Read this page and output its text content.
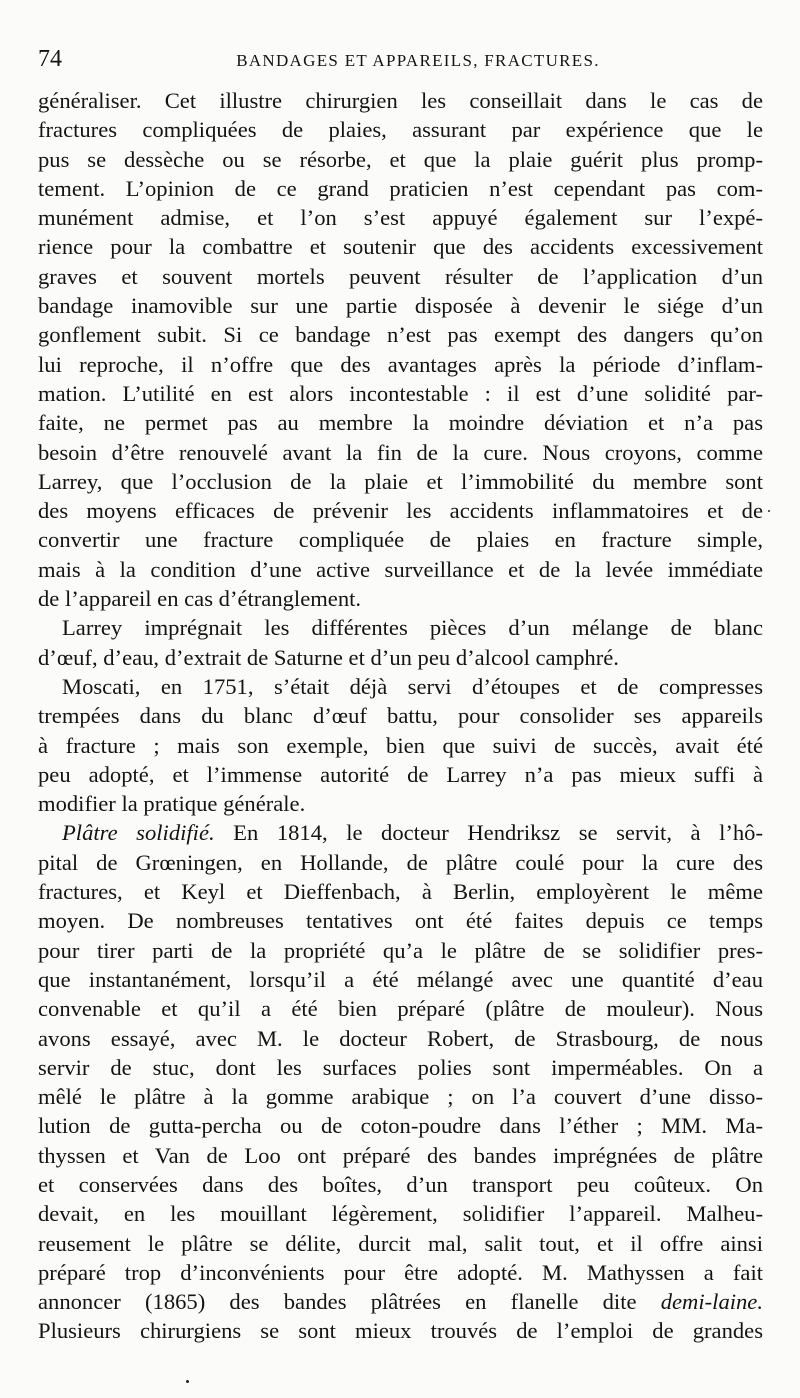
74	BANDAGES ET APPAREILS, FRACTURES.
généraliser. Cet illustre chirurgien les conseillait dans le cas de
fractures compliquées de plaies, assurant par expérience que le
pus se dessèche ou se résorbe, et que la plaie guérit plus promp-
tement. L’opinion de ce grand praticien n’est cependant pas com-
munément admise, et l’on s’est appuyé également sur l’expé-
rience pour la combattre et soutenir que des accidents excessivement
graves et souvent mortels peuvent résulter de l’application d’un
bandage inamovible sur une partie disposée à devenir le siége d’un
gonflement subit. Si ce bandage n’est pas exempt des dangers qu’on
lui reproche, il n’offre que des avantages après la période d’inflam-
mation. L’utilité en est alors incontestable : il est d’une solidité par-
faite, ne permet pas au membre la moindre déviation et n’a pas
besoin d’être renouvelé avant la fin de la cure. Nous croyons, comme
Larrey, que l’occlusion de la plaie et l’immobilité du membre sont
des moyens efficaces de prévenir les accidents inflammatoires et de
convertir une fracture compliquée de plaies en fracture simple,
mais à la condition d’une active surveillance et de la levée immédiate
de l’appareil en cas d’étranglement.
Larrey imprégnait les différentes pièces d’un mélange de blanc
d’œuf, d’eau, d’extrait de Saturne et d’un peu d’alcool camphré.
Moscati, en 1751, s’était déjà servi d’étoupes et de compresses
trempées dans du blanc d’œuf battu, pour consolider ses appareils
à fracture ; mais son exemple, bien que suivi de succès, avait été
peu adopté, et l’immense autorité de Larrey n’a pas mieux suffi à
modifier la pratique générale.
Plâtre solidifié. En 1814, le docteur Hendriksz se servit, à l’hô-
pital de Grœningen, en Hollande, de plâtre coulé pour la cure des
fractures, et Keyl et Dieffenbach, à Berlin, employèrent le même
moyen. De nombreuses tentatives ont été faites depuis ce temps
pour tirer parti de la propriété qu’a le plâtre de se solidifier pres-
que instantanément, lorsqu’il a été mélangé avec une quantité d’eau
convenable et qu’il a été bien préparé (plâtre de mouleur). Nous
avons essayé, avec M. le docteur Robert, de Strasbourg, de nous
servir de stuc, dont les surfaces polies sont imperméables. On a
mêlé le plâtre à la gomme arabique ; on l’a couvert d’une disso-
lution de gutta-percha ou de coton-poudre dans l’éther ; MM. Ma-
thyssen et Van de Loo ont préparé des bandes imprégnées de plâtre
et conservées dans des boîtes, d’un transport peu coûteux. On
devait, en les mouillant légèrement, solidifier l’appareil. Malheu-
reusement le plâtre se délite, durcit mal, salit tout, et il offre ainsi
préparé trop d’inconvénients pour être adopté. M. Mathyssen a fait
annoncer (1865) des bandes plâtrées en flanelle dite demi-laine.
Plusieurs chirurgiens se sont mieux trouvés de l’emploi de grandes
